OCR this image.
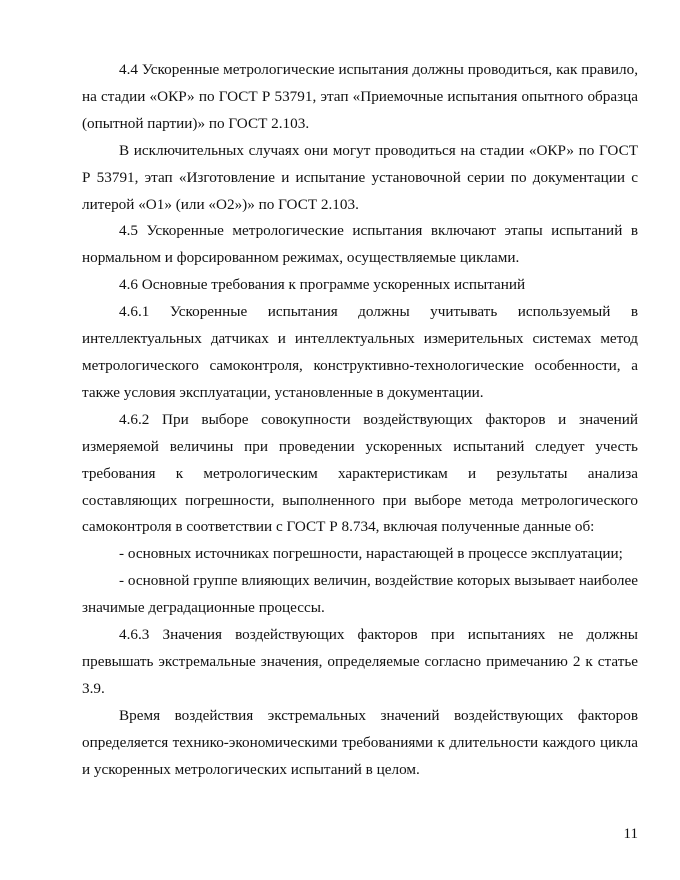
4.4 Ускоренные метрологические испытания должны проводиться, как правило, на стадии «ОКР» по ГОСТ Р 53791, этап «Приемочные испытания опытного образца (опытной партии)» по ГОСТ 2.103.

В исключительных случаях они могут проводиться на стадии «ОКР» по ГОСТ Р 53791, этап «Изготовление и испытание установочной серии по документации с литерой «О1» (или «О2»)» по ГОСТ 2.103.

4.5 Ускоренные метрологические испытания включают этапы испытаний в нормальном и форсированном режимах, осуществляемые циклами.

4.6 Основные требования к программе ускоренных испытаний

4.6.1 Ускоренные испытания должны учитывать используемый в интеллектуальных датчиках и интеллектуальных измерительных системах метод метрологического самоконтроля, конструктивно-технологические особенности, а также условия эксплуатации, установленные в документации.

4.6.2 При выборе совокупности воздействующих факторов и значений измеряемой величины при проведении ускоренных испытаний следует учесть требования к метрологическим характеристикам и результаты анализа составляющих погрешности, выполненного при выборе метода метрологического самоконтроля в соответствии с ГОСТ Р 8.734, включая полученные данные об:

- основных источниках погрешности, нарастающей в процессе эксплуатации;

- основной группе влияющих величин, воздействие которых вызывает наиболее значимые деградационные процессы.

4.6.3 Значения воздействующих факторов при испытаниях не должны превышать экстремальные значения, определяемые согласно примечанию 2 к статье 3.9.

Время воздействия экстремальных значений воздействующих факторов определяется технико-экономическими требованиями к длительности каждого цикла и ускоренных метрологических испытаний в целом.

11
